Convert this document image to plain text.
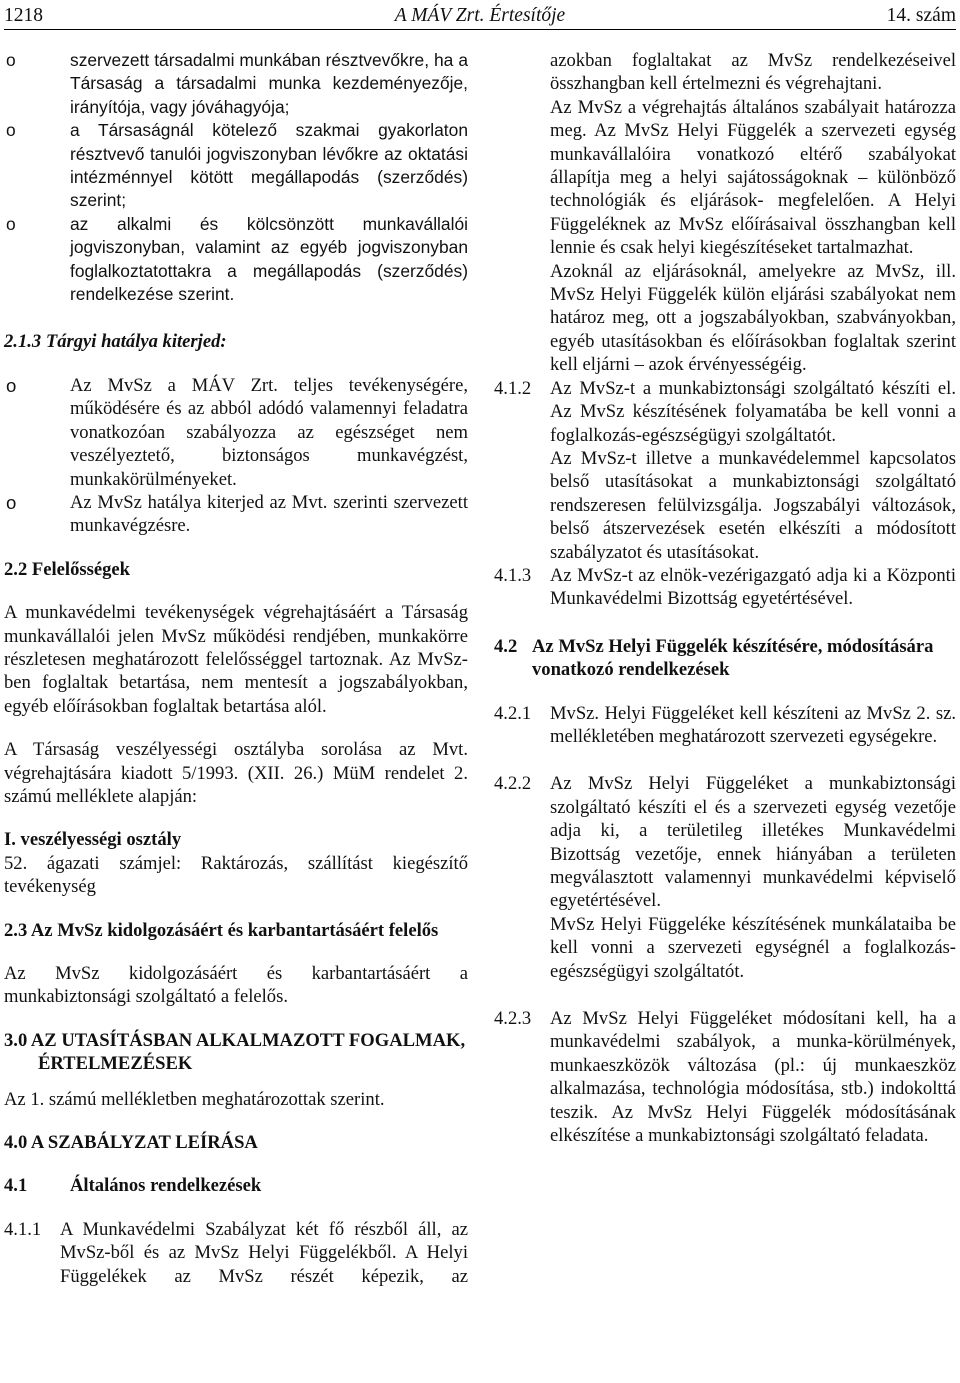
1218	A MÁV Zrt. Értesítője	14. szám
o	szervezett társadalmi munkában résztvevőkre, ha a Társaság a társadalmi munka kezdeményezője, irányítója, vagy jóváhagyója;

o	a Társaságnál kötelező szakmai gyakorlaton résztvevő tanulói jogviszonyban lévőkre az oktatási intézménnyel kötött megállapodás (szerződés) szerint;

o	az alkalmi és kölcsönzött munkavállalói jogviszonyban, valamint az egyéb jogviszonyban foglalkoztatottakra a megállapodás (szerződés) rendelkezése szerint.

2.1.3 Tárgyi hatálya kiterjed:

o	Az MvSz a MÁV Zrt. teljes tevékenységére, működésére és az abból adódó valamennyi feladatra vonatkozóan szabályozza az egészséget nem veszélyeztető, biztonságos munkavégzést, munkakörülményeket.

o	Az MvSz hatálya kiterjed az Mvt. szerinti szervezett munkavégzésre.

2.2 Felelősségek

A munkavédelmi tevékenységek végrehajtásáért a Társaság munkavállalói jelen MvSz működési rendjében, munkakörre részletesen meghatározott felelősséggel tartoznak. Az MvSz-ben foglaltak betartása, nem mentesít a jogszabályokban, egyéb előírásokban foglaltak betartása alól.

A Társaság veszélyességi osztályba sorolása az Mvt. végrehajtására kiadott 5/1993. (XII. 26.) MüM rendelet 2. számú melléklete alapján:

I. veszélyességi osztály

52. ágazati számjel: Raktározás, szállítást kiegészítő tevékenység

2.3 Az MvSz kidolgozásáért és karbantartásáért felelős

Az MvSz kidolgozásáért és karbantartásáért a munkabiztonsági szolgáltató a felelős.

3.0 AZ UTASÍTÁSBAN ALKALMAZOTT FOGALMAK, ÉRTELMEZÉSEK

Az 1. számú mellékletben meghatározottak szerint.

4.0 A SZABÁLYZAT LEÍRÁSA

4.1 Általános rendelkezések

4.1.1 A Munkavédelmi Szabályzat két fő részből áll, az MvSz-ből és az MvSz Helyi Függelékből. A Helyi Függelékek az MvSz részét képezik, az

azokban foglaltakat az MvSz rendelkezéseivel összhangban kell értelmezni és végrehajtani.

Az MvSz a végrehajtás általános szabályait határozza meg. Az MvSz Helyi Függelék a szervezeti egység munkavállalóira vonatkozó eltérő szabályokat állapítja meg a helyi sajátosságoknak – különböző technológiák és eljárások- megfelelően. A Helyi Függeléknek az MvSz előírásaival összhangban kell lennie és csak helyi kiegészítéseket tartalmazhat.

Azoknál az eljárásoknál, amelyekre az MvSz, ill. MvSz Helyi Függelék külön eljárási szabályokat nem határoz meg, ott a jogszabályokban, szabványokban, egyéb utasításokban és előírásokban foglaltak szerint kell eljárni – azok érvényességéig.

4.1.2 Az MvSz-t a munkabiztonsági szolgáltató készíti el. Az MvSz készítésének folyamatába be kell vonni a foglalkozás-egészségügyi szolgáltatót.

Az MvSz-t illetve a munkavédelemmel kapcsolatos belső utasításokat a munkabiztonsági szolgáltató rendszeresen felülvizsgálja. Jogszabályi változások, belső átszervezések esetén elkészíti a módosított szabályzatot és utasításokat.

4.1.3 Az MvSz-t az elnök-vezérigazgató adja ki a Központi Munkavédelmi Bizottság egyetértésével.

4.2 Az MvSz Helyi Függelék készítésére, módosítására vonatkozó rendelkezések

4.2.1 MvSz. Helyi Függeléket kell készíteni az MvSz 2. sz. mellékletében meghatározott szervezeti egységekre.

4.2.2 Az MvSz Helyi Függeléket a munkabiztonsági szolgáltató készíti el és a szervezeti egység vezetője adja ki, a területileg illetékes Munkavédelmi Bizottság vezetője, ennek hiányában a területen megválasztott valamennyi munkavédelmi képviselő egyetértésével.

MvSz Helyi Függeléke készítésének munkálataiba be kell vonni a szervezeti egységnél a foglalkozás-egészségügyi szolgáltatót.

4.2.3 Az MvSz Helyi Függeléket módosítani kell, ha a munkavédelmi szabályok, a munka-körülmények, munkaeszközök változása (pl.: új munkaeszköz alkalmazása, technológia módosítása, stb.) indokolttá teszik. Az MvSz Helyi Függelék módosításának elkészítése a munkabiztonsági szolgáltató feladata.
